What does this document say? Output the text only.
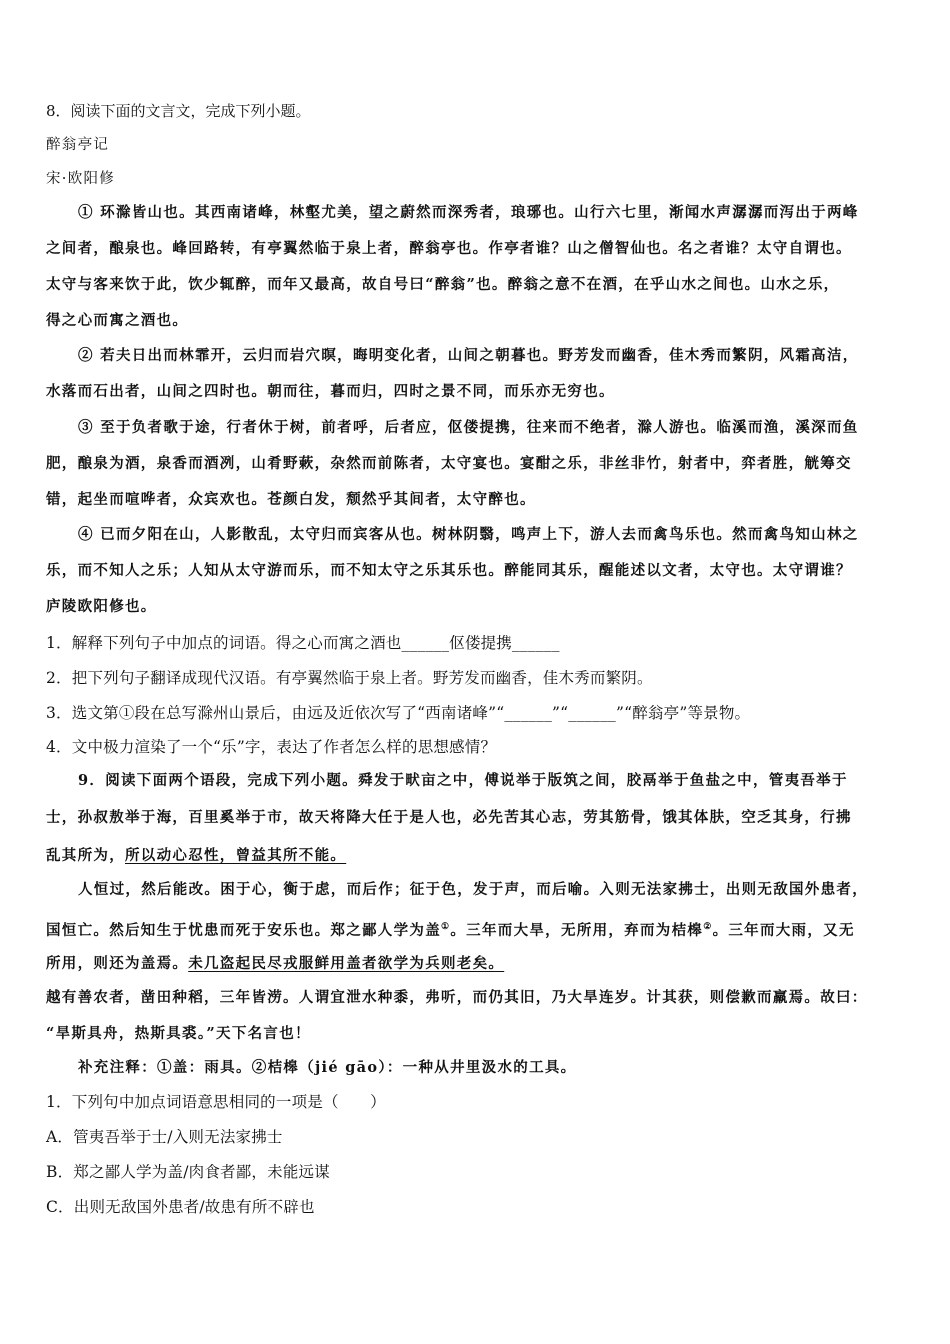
8．阅读下面的文言文，完成下列小题。
醉翁亭记
宋·欧阳修
① 环滁皆山也。其西南诸峰，林壑尤美，望之蔚然而深秀者，琅琊也。山行六七里，渐闻水声潺潺而泻出于两峰
之间者，酿泉也。峰回路转，有亭翼然临于泉上者，醉翁亭也。作亭者谁？山之僧智仙也。名之者谁？太守自谓也。
太守与客来饮于此，饮少辄醉，而年又最高，故自号曰“醉翁”也。醉翁之意不在酒，在乎山水之间也。山水之乐，
得之心而寓之酒也。
② 若夫日出而林霏开，云归而岩穴暝，晦明变化者，山间之朝暮也。野芳发而幽香，佳木秀而繁阴，风霜高洁，
水落而石出者，山间之四时也。朝而往，暮而归，四时之景不同，而乐亦无穷也。
③ 至于负者歌于途，行者休于树，前者呼，后者应，伛偻提携，往来而不绝者，滁人游也。临溪而渔，溪深而鱼
肥，酿泉为酒，泉香而酒冽，山肴野蔌，杂然而前陈者，太守宴也。宴酣之乐，非丝非竹，射者中，弈者胜，觥筹交
错，起坐而喧哗者，众宾欢也。苍颜白发，颓然乎其间者，太守醉也。
④ 已而夕阳在山，人影散乱，太守归而宾客从也。树林阴翳，鸣声上下，游人去而禽鸟乐也。然而禽鸟知山林之
乐，而不知人之乐；人知从太守游而乐，而不知太守之乐其乐也。醉能同其乐，醒能述以文者，太守也。太守谓谁？
庐陵欧阳修也。
1．解释下列句子中加点的词语。得之心而寓之酒也______伛偻提携______
2．把下列句子翻译成现代汉语。有亭翼然临于泉上者。野芳发而幽香，佳木秀而繁阴。
3．选文第①段在总写滁州山景后，由远及近依次写了“西南诸峰”“______”“______”“醉翁亭”等景物。
4．文中极力渲染了一个“乐”字，表达了作者怎么样的思想感情？
9．阅读下面两个语段，完成下列小题。舜发于畎亩之中，傅说举于版筑之间，胶鬲举于鱼盐之中，管夷吾举于
士，孙叔敖举于海，百里奚举于市，故天将降大任于是人也，必先苦其心志，劳其筋骨，饿其体肤，空乏其身，行拂
乱其所为，所以动心忍性，曾益其所不能。
人恒过，然后能改。困于心，衡于虑，而后作；征于色，发于声，而后喻。入则无法家拂士，出则无敌国外患者，
国恒亡。然后知生于忧患而死于安乐也。郑之鄙人学为盖①。三年而大旱，无所用，弃而为桔槔②。三年而大雨，又无
所用，则还为盖焉。未几盗起民尽戎服鲜用盖者欲学为兵则老矣。
越有善农者，凿田种稻，三年皆涝。人谓宜泄水种黍，弗听，而仍其旧，乃大旱连岁。计其获，则偿歉而羸焉。故曰：
“旱斯具舟，热斯具裘。”天下名言也！
补充注释：①盖：雨具。②桔槔（jié gāo）：一种从井里汲水的工具。
1．下列句中加点词语意思相同的一项是（　　）
A．管夷吾举于士/入则无法家拂士
B．郑之鄙人学为盖/肉食者鄙，未能远谋
C．出则无敌国外患者/故患有所不辟也
